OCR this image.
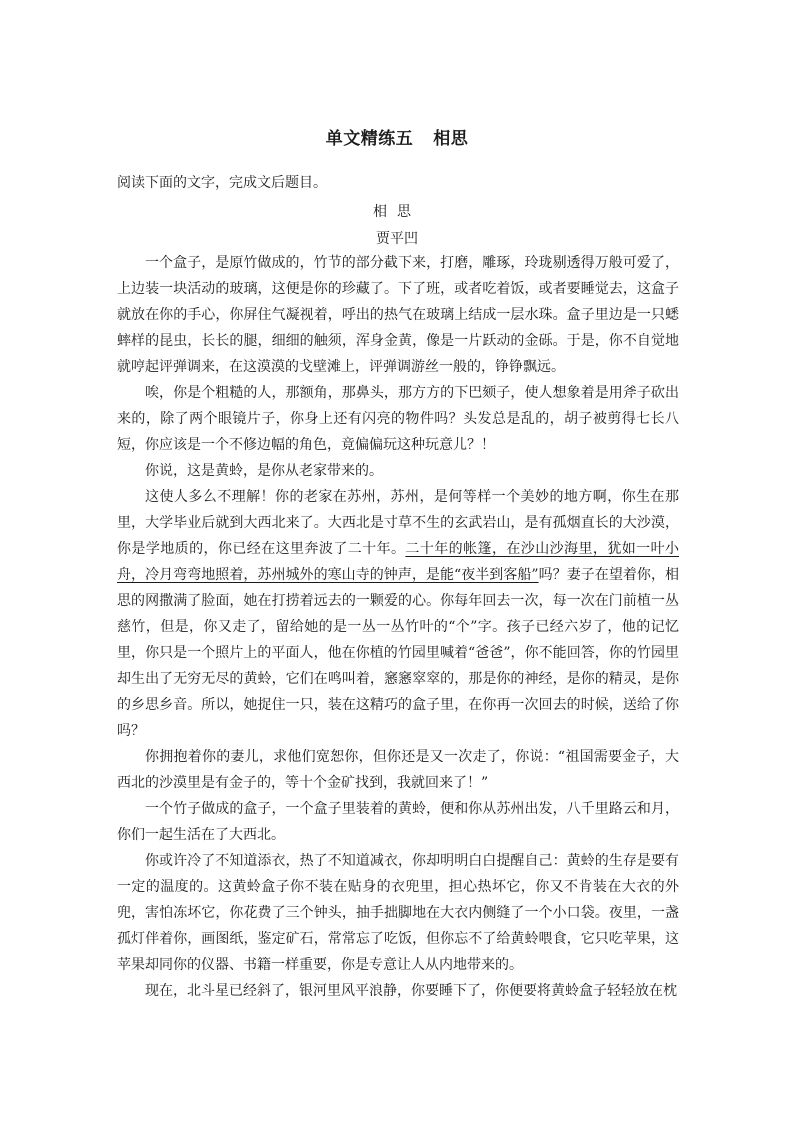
单文精练五 相思
阅读下面的文字，完成文后题目。
相思
贾平凹

一个盒子，是原竹做成的，竹节的部分截下来，打磨，雕琢，玲珑剔透得万般可爱了，上边装一块活动的玻璃，这便是你的珍藏了。下了班，或者吃着饭，或者要睡觉去，这盒子就放在你的手心，你屏住气凝视着，呼出的热气在玻璃上结成一层水珠。盒子里边是一只蟋蟀样的昆虫，长长的腿，细细的触须，浑身金黄，像是一片跃动的金砾。于是，你不自觉地就哼起评弹调来，在这漠漠的戈壁滩上，评弹调游丝一般的，铮铮飘远。

唉，你是个粗糙的人，那额角，那鼻头，那方方的下巴颏子，使人想象着是用斧子砍出来的，除了两个眼镜片子，你身上还有闪亮的物件吗？头发总是乱的，胡子被剪得七长八短，你应该是一个不修边幅的角色，竟偏偏玩这种玩意儿？！

你说，这是黄蛉，是你从老家带来的。

这使人多么不理解！你的老家在苏州，苏州，是何等样一个美妙的地方啊，你生在那里，大学毕业后就到大西北来了。大西北是寸草不生的玄武岩山，是有孤烟直长的大沙漠，你是学地质的，你已经在这里奔波了二十年。二十年的帐篷，在沙山沙海里，犹如一叶小舟，冷月弯弯地照着，苏州城外的寒山寺的钟声，是能“夜半到客船”吗？妻子在望着你，相思的网撒满了脸面，她在打捞着远去的一颗爱的心。你每年回去一次，每一次在门前植一丛慈竹，但是，你又走了，留给她的是一丛一丛竹叶的“个”字。孩子已经六岁了，他的记忆里，你只是一个照片上的平面人，他在你植的竹园里喊着“爸爸”，你不能回答，你的竹园里却生出了无穷无尽的黄蛉，它们在鸣叫着，窸窸窣窣的，那是你的神经，是你的精灵，是你的乡思乡音。所以，她捉住一只，装在这精巧的盒子里，在你再一次回去的时候，送给了你吗？

你拥抱着你的妻儿，求他们宽恕你，但你还是又一次走了，你说：“祖国需要金子，大西北的沙漠里是有金子的，等十个金矿找到，我就回来了！”

一个竹子做成的盒子，一个盒子里装着的黄蛉，便和你从苏州出发，八千里路云和月，你们一起生活在了大西北。

你或许冷了不知道添衣，热了不知道减衣，你却明明白白提醒自己：黄蛉的生存是要有一定的温度的。这黄蛉盒子你不装在贴身的衣兜里，担心热坏它，你又不肯装在大衣的外兜，害怕冻坏它，你花费了三个钟头，抽手拙脚地在大衣内侧缝了一个小口袋。夜里，一盏孤灯伴着你，画图纸，鉴定矿石，常常忘了吃饭，但你忘不了给黄蛉喂食，它只吃苹果，这苹果却同你的仪器、书籍一样重要，你是专意让人从内地带来的。

现在，北斗星已经斜了，银河里风平浪静，你要睡下了，你便要将黄蛉盒子轻轻放在枕
